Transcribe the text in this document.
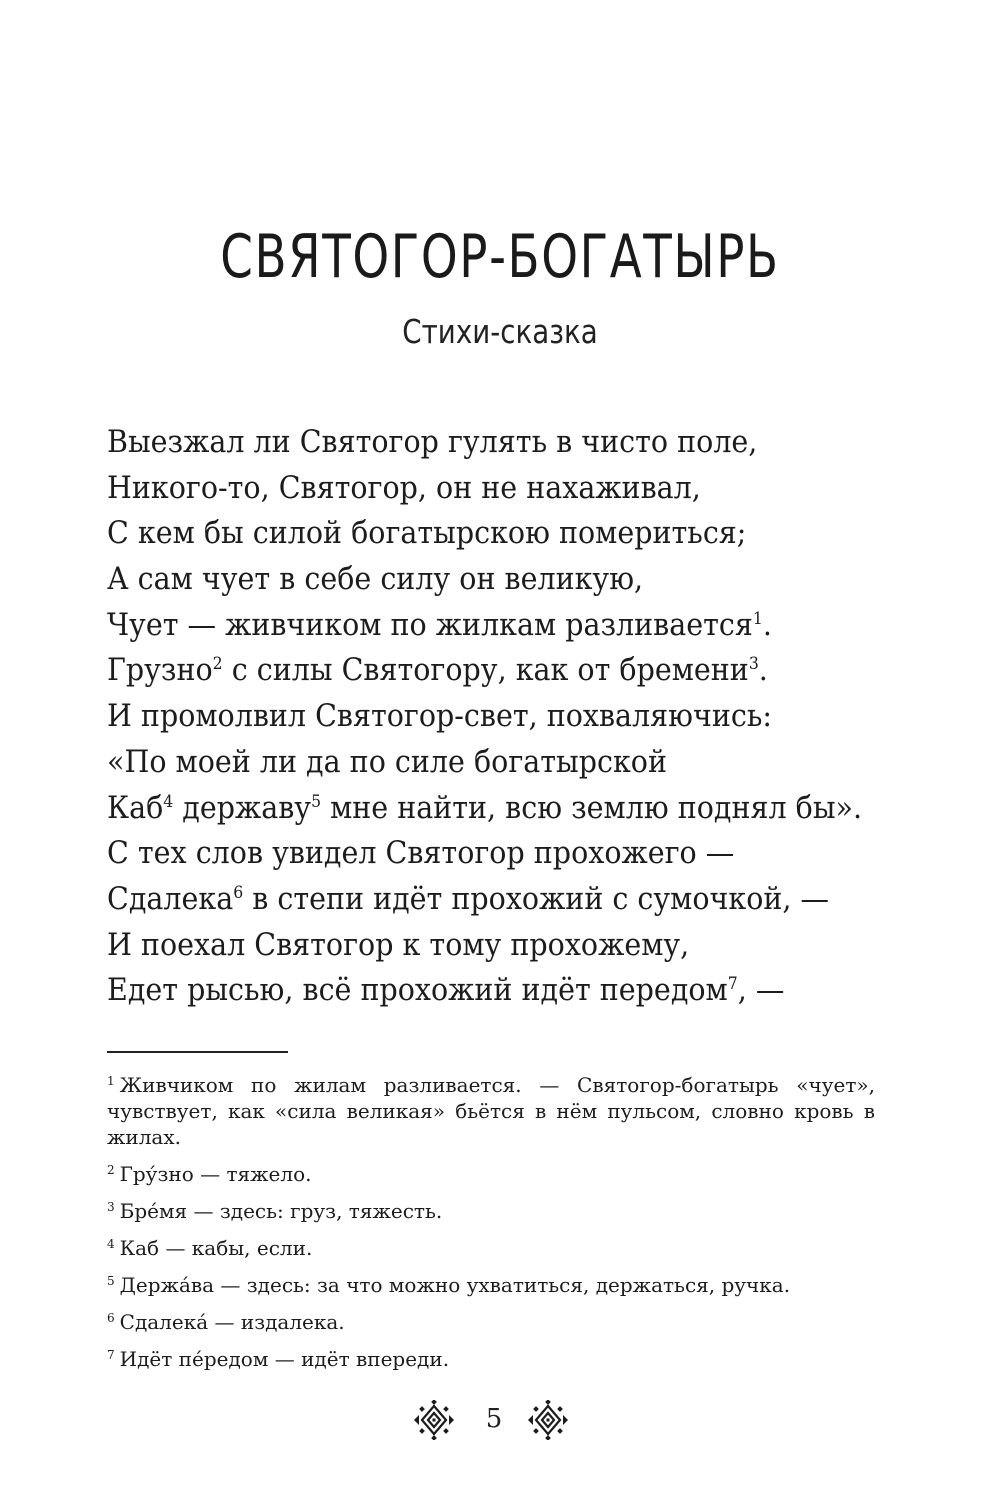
СВЯТОГОР-БОГАТЫРЬ
Стихи-сказка
Выезжал ли Святогор гулять в чисто поле,
Никого-то, Святогор, он не нахаживал,
С кем бы силой богатырскою помериться;
А сам чует в себе силу он великую,
Чует — живчиком по жилкам разливается$^1$.
Грузно$^2$ с силы Святогору, как от бремени$^3$.
И промолвил Святогор-свет, похваляючись:
«По моей ли да по силе богатырской
Каб$^4$ державу$^5$ мне найти, всю землю поднял бы».
С тех слов увидел Святогор прохожего —
Сдалека$^6$ в степи идёт прохожий с сумочкой, —
И поехал Святогор к тому прохожему,
Едет рысью, всё прохожий идёт передом$^7$, —
$^1$ Живчиком по жилам разливается. — Святогор-богатырь «чует», чувствует, как «сила великая» бьётся в нём пульсом, словно кровь в жилах.
$^2$ Гру́зно — тяжело.
$^3$ Бре́мя — здесь: груз, тяжесть.
$^4$ Каб — кабы, если.
$^5$ Держа́ва — здесь: за что можно ухватиться, держаться, ручка.
$^6$ Сдалека́ — издалека.
$^7$ Идёт пе́редом — идёт впереди.
5
